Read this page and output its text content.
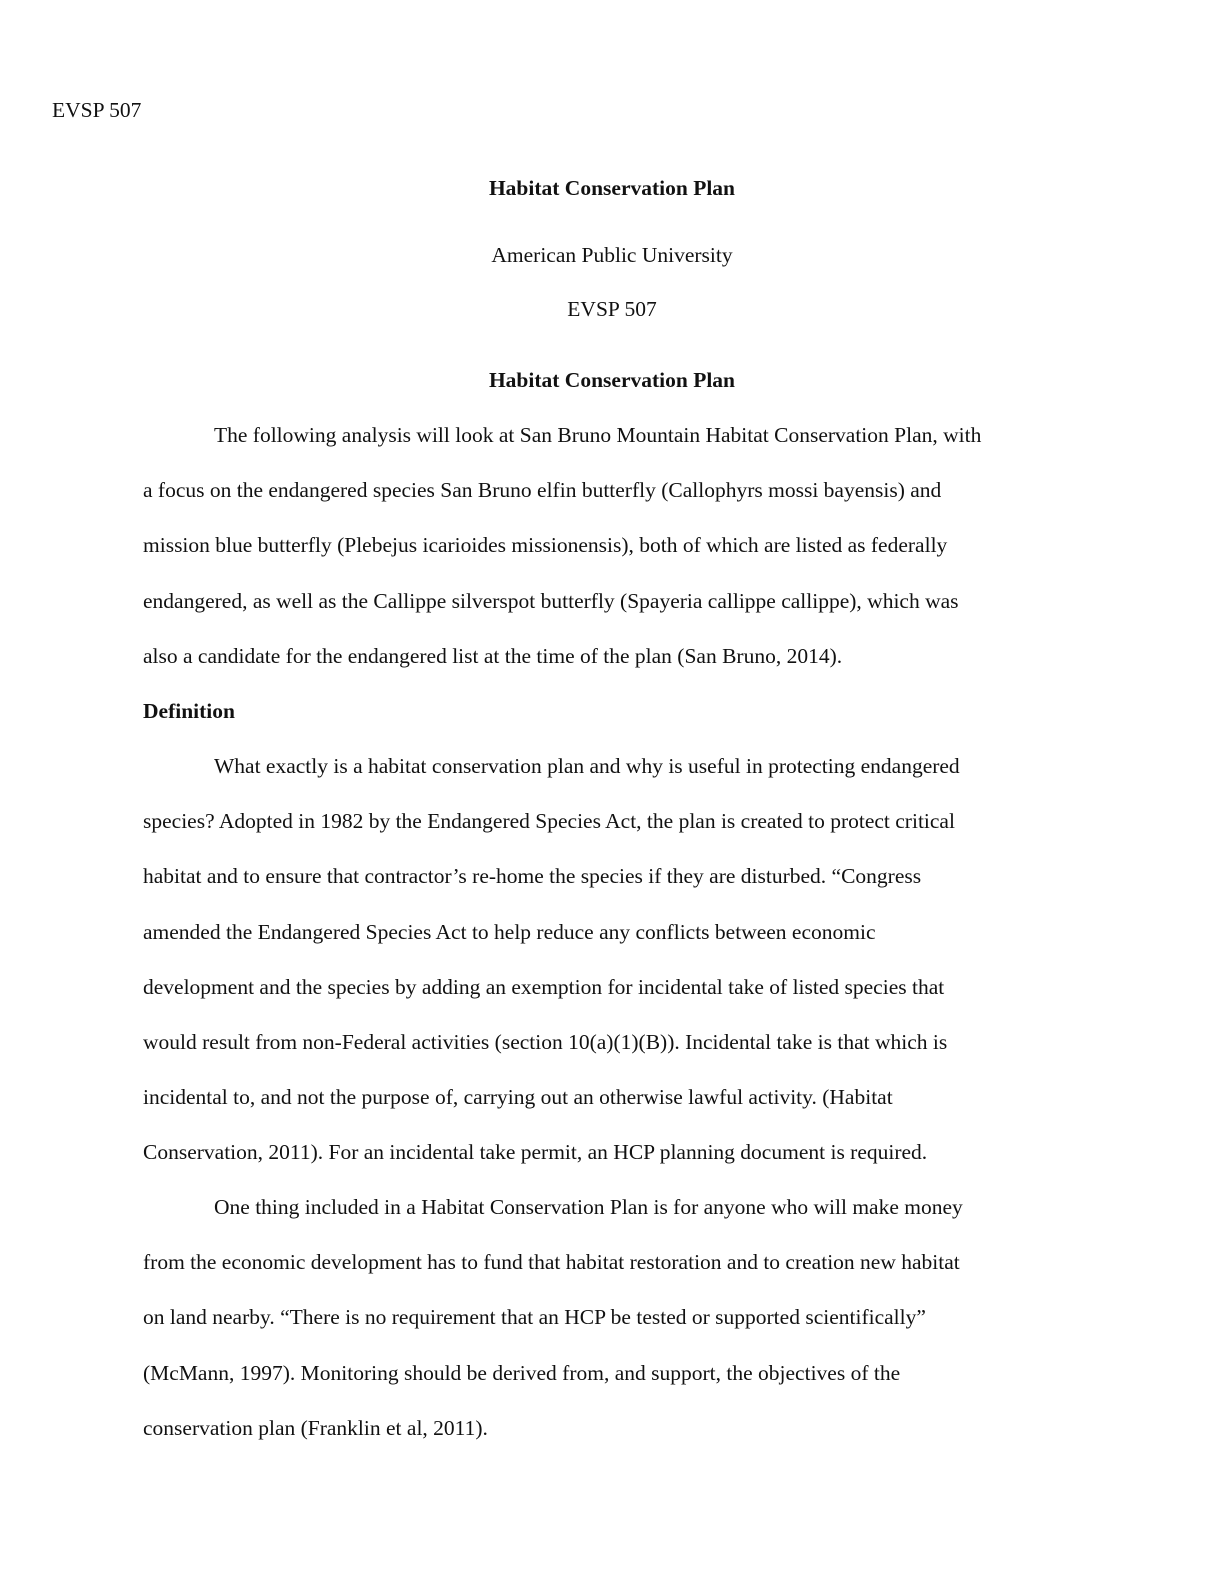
EVSP 507
Habitat Conservation Plan
American Public University
EVSP 507
Habitat Conservation Plan

The following analysis will look at San Bruno Mountain Habitat Conservation Plan, with
a focus on the endangered species San Bruno elfin butterfly (Callophyrs mossi bayensis) and
mission blue butterfly (Plebejus icarioides missionensis), both of which are listed as federally
endangered, as well as the Callippe silverspot butterfly (Spayeria callippe callippe), which was
also a candidate for the endangered list at the time of the plan (San Bruno, 2014).

Definition

What exactly is a habitat conservation plan and why is useful in protecting endangered
species? Adopted in 1982 by the Endangered Species Act, the plan is created to protect critical
habitat and to ensure that contractor’s re-home the species if they are disturbed. “Congress
amended the Endangered Species Act to help reduce any conflicts between economic
development and the species by adding an exemption for incidental take of listed species that
would result from non-Federal activities (section 10(a)(1)(B)). Incidental take is that which is
incidental to, and not the purpose of, carrying out an otherwise lawful activity. (Habitat
Conservation, 2011). For an incidental take permit, an HCP planning document is required.

One thing included in a Habitat Conservation Plan is for anyone who will make money
from the economic development has to fund that habitat restoration and to creation new habitat
on land nearby. “There is no requirement that an HCP be tested or supported scientifically”
(McMann, 1997). Monitoring should be derived from, and support, the objectives of the
conservation plan (Franklin et al, 2011).
